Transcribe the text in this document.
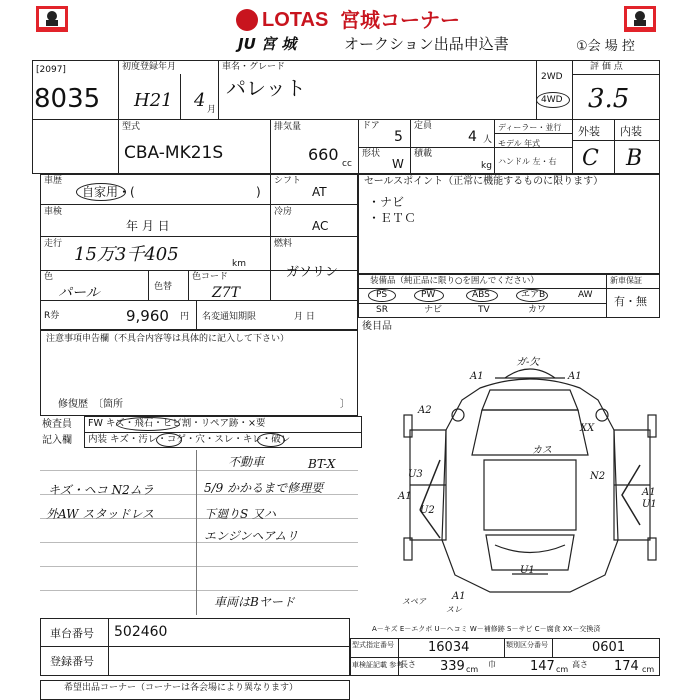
LOTAS 宮城コーナー
JU 宮 城	オークション出品申込書	①会 場 控
[2097]
8035
初度登録年月
H21 4 月
車名・グレード
パレット	2WD
4WD
評 価 点
3.5
型式
CBA-MK21S
排気量
660 cc
ドア
5
定員
4 人
形状
W
積載
kg
ディーラー・並行
モデル 年式
ハンドル 左・右
外装 内装
C B
車歴
自家用・(	)
シフト
AT
車検
年 月 日
冷房
AC
走行 15万3千405	km
燃料
ガソリン
色
パール	色替
色コード
Z7T
R券	9,960 円 名変通知期限	月 日
注意事項申告欄（不具合内容等は具体的に記入して下さい）
修復歴　〔箇所	〕
セールスポイント（正常に機能するものに限ります）
・ナビ
・ＥＴＣ
装備品（純正品に限り○を囲んでください）	新車保証
有・無
PS	PW	ABS	エアB	AW
SR	ナビ	TV	カワ
後目品
検査員
記入欄
FW キズ・飛石・ヒビ割・リペア跡・×要
内装 キズ・汚レ・コゲ・穴・スレ・キレ・破レ
不動車	BT-X
キズ・ヘコ N2ムラ	5/9 かかるまで修理要
外AW スタッドレス	下廻りS 又ハ
エンジンヘアムリ
車両はBヤード
ガ-欠
A1	A1
A2
カス
XX
U3	N2
A1
U2
A1
U1
U1
スペア	A1
スレ
A－キズ E－エクボ U－ヘコミ W－補修跡 S－サビ C－腐食 XX－交換済
車台番号 502460
登録番号
型式指定番号	16034	類別区分番号	0601
車検証記載 参考
長さ 339 cm
巾	147 cm
高さ 174 cm
希望出品コーナー（コーナーは各会場により異なります）
